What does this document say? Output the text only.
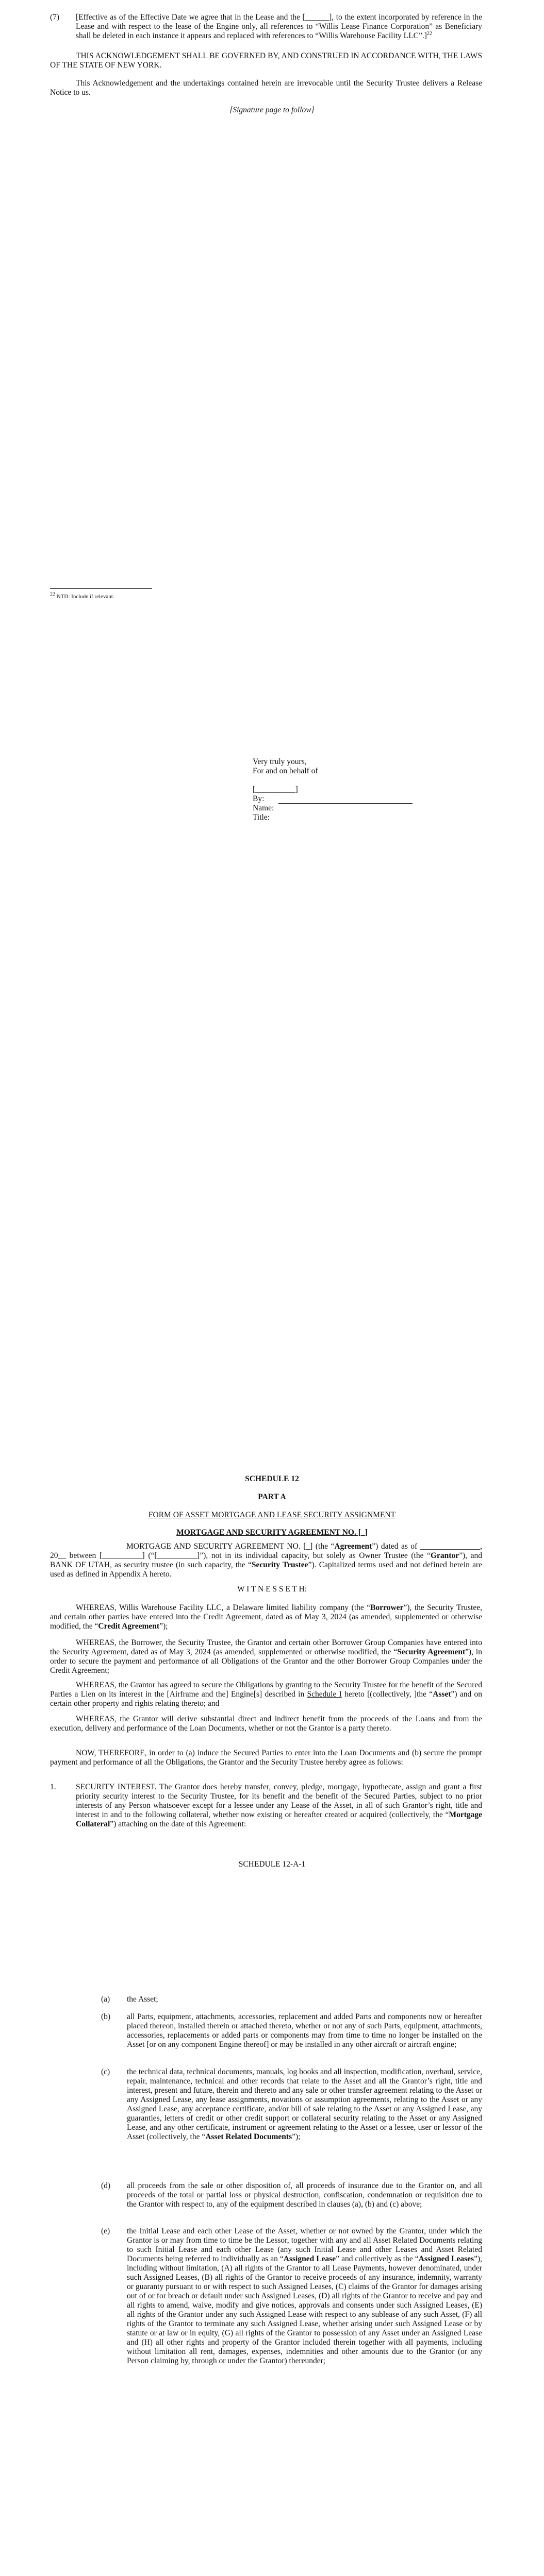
(7) [Effective as of the Effective Date we agree that in the Lease and the [______], to the extent incorporated by reference in the Lease and with respect to the lease of the Engine only, all references to “Willis Lease Finance Corporation” as Beneficiary shall be deleted in each instance it appears and replaced with references to “Willis Warehouse Facility LLC”.]$^{22}$
THIS ACKNOWLEDGEMENT SHALL BE GOVERNED BY, AND CONSTRUED IN ACCORDANCE WITH, THE LAWS OF THE STATE OF NEW YORK.
This Acknowledgement and the undertakings contained herein are irrevocable until the Security Trustee delivers a Release Notice to us.
[Signature page to follow]
22 NTD: Include if relevant.
Very truly yours,
For and on behalf of
[__________]
By:
Name:
Title:
SCHEDULE 12
PART A
FORM OF ASSET MORTGAGE AND LEASE SECURITY ASSIGNMENT
MORTGAGE AND SECURITY AGREEMENT NO. [_]
MORTGAGE AND SECURITY AGREEMENT NO. [_] (the “Agreement”) dated as of _______________, 20__ between [__________] (“[__________]”), not in its individual capacity, but solely as Owner Trustee (the “Grantor”), and BANK OF UTAH, as security trustee (in such capacity, the “Security Trustee”). Capitalized terms used and not defined herein are used as defined in Appendix A hereto.
W I T N E S S E T H:
WHEREAS, Willis Warehouse Facility LLC, a Delaware limited liability company (the “Borrower”), the Security Trustee, and certain other parties have entered into the Credit Agreement, dated as of May 3, 2024 (as amended, supplemented or otherwise modified, the “Credit Agreement”);
WHEREAS, the Borrower, the Security Trustee, the Grantor and certain other Borrower Group Companies have entered into the Security Agreement, dated as of May 3, 2024 (as amended, supplemented or otherwise modified, the “Security Agreement”), in order to secure the payment and performance of all Obligations of the Grantor and the other Borrower Group Companies under the Credit Agreement;
WHEREAS, the Grantor has agreed to secure the Obligations by granting to the Security Trustee for the benefit of the Secured Parties a Lien on its interest in the [Airframe and the] Engine[s] described in Schedule I hereto [(collectively, ]the “Asset”) and on certain other property and rights relating thereto; and
WHEREAS, the Grantor will derive substantial direct and indirect benefit from the proceeds of the Loans and from the execution, delivery and performance of the Loan Documents, whether or not the Grantor is a party thereto.
NOW, THEREFORE, in order to (a) induce the Secured Parties to enter into the Loan Documents and (b) secure the prompt payment and performance of all the Obligations, the Grantor and the Security Trustee hereby agree as follows:
1. SECURITY INTEREST. The Grantor does hereby transfer, convey, pledge, mortgage, hypothecate, assign and grant a first priority security interest to the Security Trustee, for its benefit and the benefit of the Secured Parties, subject to no prior interests of any Person whatsoever except for a lessee under any Lease of the Asset, in all of such Grantor’s right, title and interest in and to the following collateral, whether now existing or hereafter created or acquired (collectively, the “Mortgage Collateral”) attaching on the date of this Agreement:
SCHEDULE 12-A-1
(a) the Asset;
(b) all Parts, equipment, attachments, accessories, replacement and added Parts and components now or hereafter placed thereon, installed therein or attached thereto, whether or not any of such Parts, equipment, attachments, accessories, replacements or added parts or components may from time to time no longer be installed on the Asset [or on any component Engine thereof] or may be installed in any other aircraft or aircraft engine;
(c) the technical data, technical documents, manuals, log books and all inspection, modification, overhaul, service, repair, maintenance, technical and other records that relate to the Asset and all the Grantor’s right, title and interest, present and future, therein and thereto and any sale or other transfer agreement relating to the Asset or any Assigned Lease, any lease assignments, novations or assumption agreements, relating to the Asset or any Assigned Lease, any acceptance certificate, and/or bill of sale relating to the Asset or any Assigned Lease, any guaranties, letters of credit or other credit support or collateral security relating to the Asset or any Assigned Lease, and any other certificate, instrument or agreement relating to the Asset or a lessee, user or lessor of the Asset (collectively, the “Asset Related Documents”);
(d) all proceeds from the sale or other disposition of, all proceeds of insurance due to the Grantor on, and all proceeds of the total or partial loss or physical destruction, confiscation, condemnation or requisition due to the Grantor with respect to, any of the equipment described in clauses (a), (b) and (c) above;
(e) the Initial Lease and each other Lease of the Asset, whether or not owned by the Grantor, under which the Grantor is or may from time to time be the Lessor, together with any and all Asset Related Documents relating to such Initial Lease and each other Lease (any such Initial Lease and other Leases and Asset Related Documents being referred to individually as an “Assigned Lease” and collectively as the “Assigned Leases”), including without limitation, (A) all rights of the Grantor to all Lease Payments, however denominated, under such Assigned Leases, (B) all rights of the Grantor to receive proceeds of any insurance, indemnity, warranty or guaranty pursuant to or with respect to such Assigned Leases, (C) claims of the Grantor for damages arising out of or for breach or default under such Assigned Leases, (D) all rights of the Grantor to receive and pay and all rights to amend, waive, modify and give notices, approvals and consents under such Assigned Leases, (E) all rights of the Grantor under any such Assigned Lease with respect to any sublease of any such Asset, (F) all rights of the Grantor to terminate any such Assigned Lease, whether arising under such Assigned Lease or by statute or at law or in equity, (G) all rights of the Grantor to possession of any Asset under an Assigned Lease and (H) all other rights and property of the Grantor included therein together with all payments, including without limitation all rent, damages, expenses, indemnities and other amounts due to the Grantor (or any Person claiming by, through or under the Grantor) thereunder;
